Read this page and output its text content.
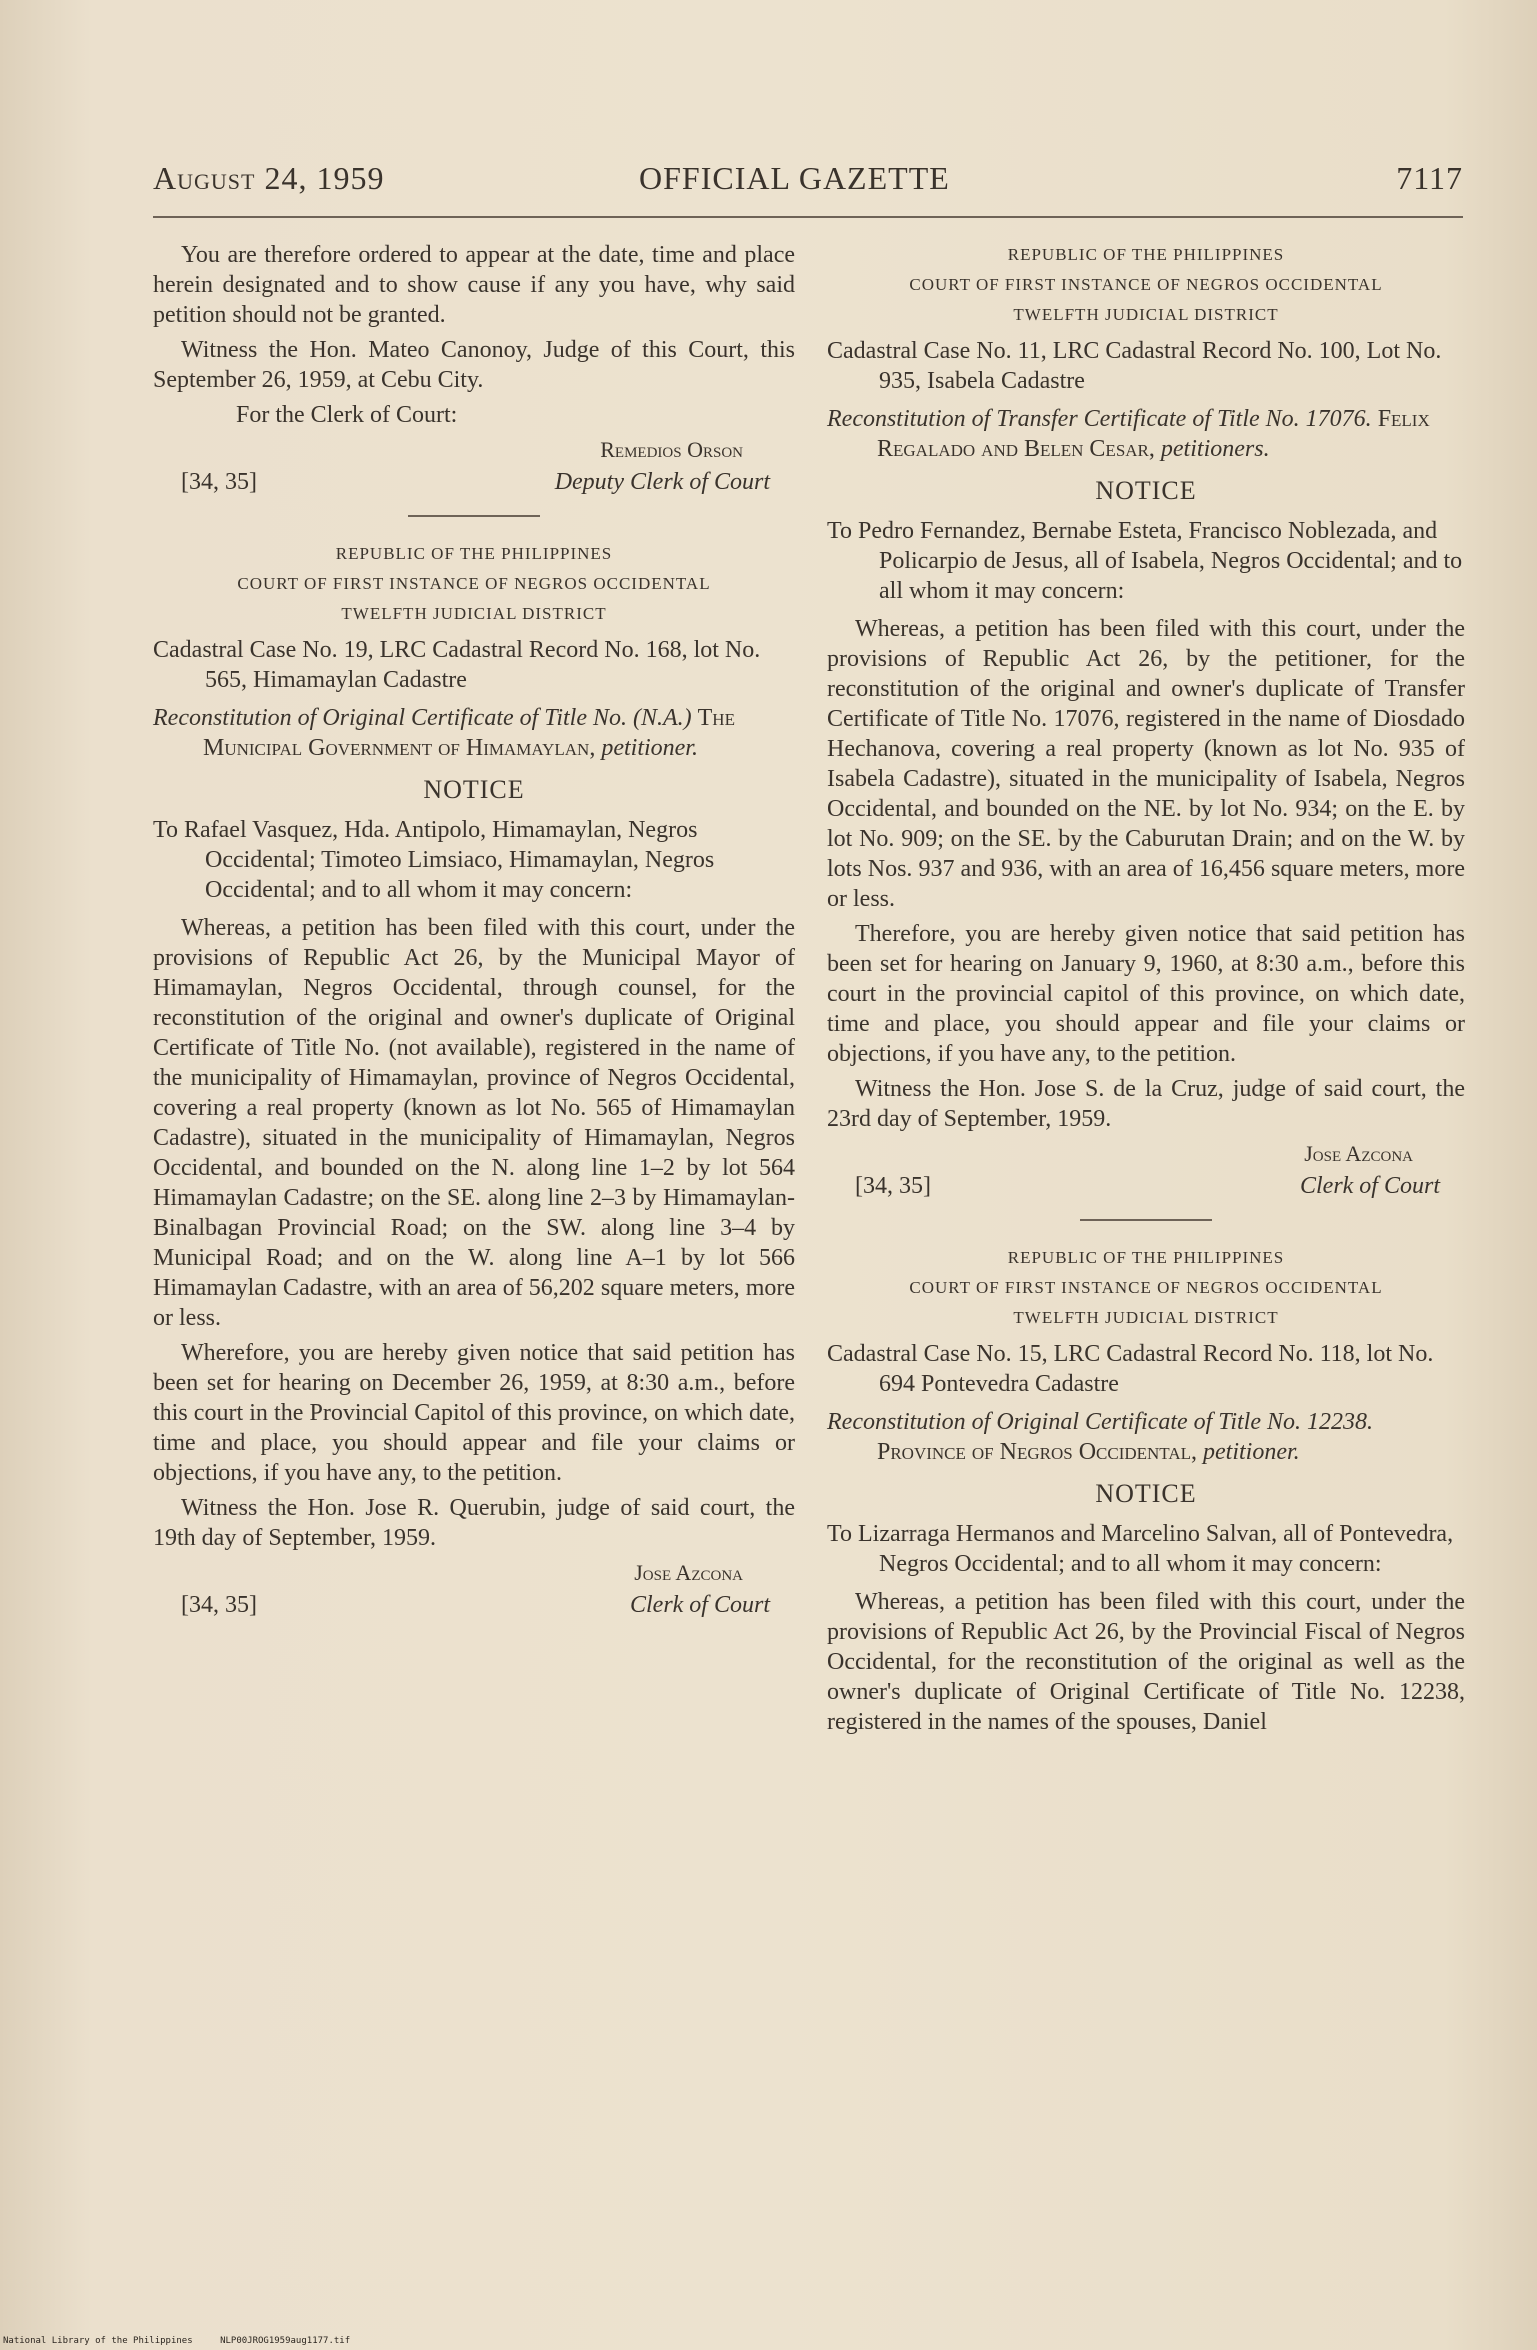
August 24, 1959	OFFICIAL GAZETTE	7117

You are therefore ordered to appear at the date, time and place herein designated and to show cause if any you have, why said petition should not be granted.

Witness the Hon. Mateo Canonoy, Judge of this Court, this September 26, 1959, at Cebu City.

For the Clerk of Court:

Remedios Orson
Deputy Clerk of Court
[34, 35]

REPUBLIC OF THE PHILIPPINES

COURT OF FIRST INSTANCE OF NEGROS OCCIDENTAL

TWELFTH JUDICIAL DISTRICT

Cadastral Case No. 19, LRC Cadastral Record No. 168, lot No. 565, Himamaylan Cadastre

Reconstitution of Original Certificate of Title No. (N.A.) The Municipal Government of Himamaylan, petitioner.

NOTICE

To Rafael Vasquez, Hda. Antipolo, Himamaylan, Negros Occidental; Timoteo Limsiaco, Himamaylan, Negros Occidental; and to all whom it may concern:

Whereas, a petition has been filed with this court, under the provisions of Republic Act 26, by the Municipal Mayor of Himamaylan, Negros Occidental, through counsel, for the reconstitution of the original and owner's duplicate of Original Certificate of Title No. (not available), registered in the name of the municipality of Himamaylan, province of Negros Occidental, covering a real property (known as lot No. 565 of Himamaylan Cadastre), situated in the municipality of Himamaylan, Negros Occidental, and bounded on the N. along line 1–2 by lot 564 Himamaylan Cadastre; on the SE. along line 2–3 by Himamaylan-Binalbagan Provincial Road; on the SW. along line 3–4 by Municipal Road; and on the W. along line A–1 by lot 566 Himamaylan Cadastre, with an area of 56,202 square meters, more or less.

Wherefore, you are hereby given notice that said petition has been set for hearing on December 26, 1959, at 8:30 a.m., before this court in the Provincial Capitol of this province, on which date, time and place, you should appear and file your claims or objections, if you have any, to the petition.

Witness the Hon. Jose R. Querubin, judge of said court, the 19th day of September, 1959.

Jose Azcona
Clerk of Court
[34, 35]

REPUBLIC OF THE PHILIPPINES

COURT OF FIRST INSTANCE OF NEGROS OCCIDENTAL

TWELFTH JUDICIAL DISTRICT

Cadastral Case No. 11, LRC Cadastral Record No. 100, Lot No. 935, Isabela Cadastre

Reconstitution of Transfer Certificate of Title No. 17076. Felix Regalado and Belen Cesar, petitioners.

NOTICE

To Pedro Fernandez, Bernabe Esteta, Francisco Noblezada, and Policarpio de Jesus, all of Isabela, Negros Occidental; and to all whom it may concern:

Whereas, a petition has been filed with this court, under the provisions of Republic Act 26, by the petitioner, for the reconstitution of the original and owner's duplicate of Transfer Certificate of Title No. 17076, registered in the name of Diosdado Hechanova, covering a real property (known as lot No. 935 of Isabela Cadastre), situated in the municipality of Isabela, Negros Occidental, and bounded on the NE. by lot No. 934; on the E. by lot No. 909; on the SE. by the Caburutan Drain; and on the W. by lots Nos. 937 and 936, with an area of 16,456 square meters, more or less.

Therefore, you are hereby given notice that said petition has been set for hearing on January 9, 1960, at 8:30 a.m., before this court in the provincial capitol of this province, on which date, time and place, you should appear and file your claims or objections, if you have any, to the petition.

Witness the Hon. Jose S. de la Cruz, judge of said court, the 23rd day of September, 1959.

Jose Azcona
Clerk of Court
[34, 35]

REPUBLIC OF THE PHILIPPINES

COURT OF FIRST INSTANCE OF NEGROS OCCIDENTAL

TWELFTH JUDICIAL DISTRICT

Cadastral Case No. 15, LRC Cadastral Record No. 118, lot No. 694 Pontevedra Cadastre

Reconstitution of Original Certificate of Title No. 12238. Province of Negros Occidental, petitioner.

NOTICE

To Lizarraga Hermanos and Marcelino Salvan, all of Pontevedra, Negros Occidental; and to all whom it may concern:

Whereas, a petition has been filed with this court, under the provisions of Republic Act 26, by the Provincial Fiscal of Negros Occidental, for the reconstitution of the original as well as the owner's duplicate of Original Certificate of Title No. 12238, registered in the names of the spouses, Daniel

National Library of the Philippines	NLP00JROG1959aug1177.tif
